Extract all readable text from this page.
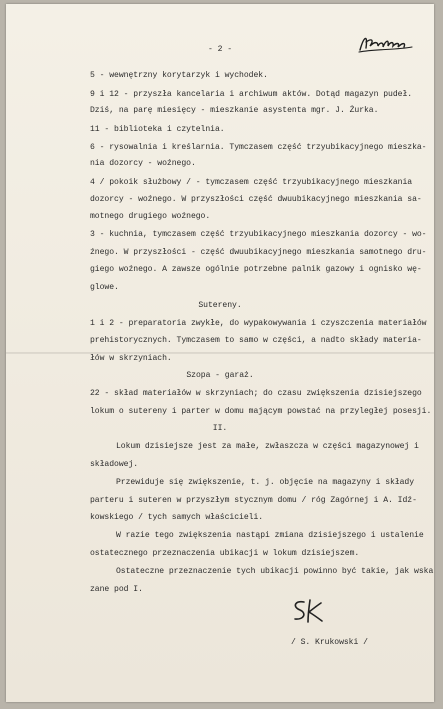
- 2 -

5 - wewnętrzny korytarzyk i wychodek.

9 i 12 - przyszła kancelaria i archiwum aktów. Dotąd magazyn pudeł.

Dziś, na parę miesięcy - mieszkanie asystenta mgr. J. Żurka.

11 - biblioteka i czytelnia.

6 - rysowalnia i kreślarnia. Tymczasem część trzyubikacyjnego mieszka-

nia dozorcy - woźnego.

4 / pokoik służbowy / - tymczasem część trzyubikacyjnego mieszkania

dozorcy - woźnego. W przyszłości część dwuubikacyjnego mieszkania sa-

motnego drugiego woźnego.

3 - kuchnia, tymczasem część trzyubikacyjnego mieszkania dozorcy - wo-

źnego. W przyszłości - część dwuubikacyjnego mieszkania samotnego dru-

giego woźnego. A zawsze ogólnie potrzebne palnik gazowy i ognisko wę-

glowe.

Sutereny.

1 i 2 - preparatoria zwykłe, do wypakowywania i czyszczenia materiałów

prehistorycznych. Tymczasem to samo w części, a nadto składy materia-

łów w skrzyniach.

Szopa - garaż.

22 - skład materiałów w skrzyniach; do czasu zwiększenia dzisiejszego

lokum o sutereny i parter w domu mającym powstać na przyległej posesji.

II.

Lokum dzisiejsze jest za małe, zwłaszcza w części magazynowej i

składowej.

Przewiduje się zwiększenie, t. j. objęcie na magazyny i składy

parteru i suteren w przyszłym stycznym domu / róg Zagórnej i A. Idź-

kowskiego / tych samych właścicieli.

W razie tego zwiększenia nastąpi zmiana dzisiejszego i ustalenie

ostatecznego przeznaczenia ubikacji w lokum dzisiejszem.

Ostateczne przeznaczenie tych ubikacji powinno być takie, jak wska

zane pod I.

/ S. Krukowski /
